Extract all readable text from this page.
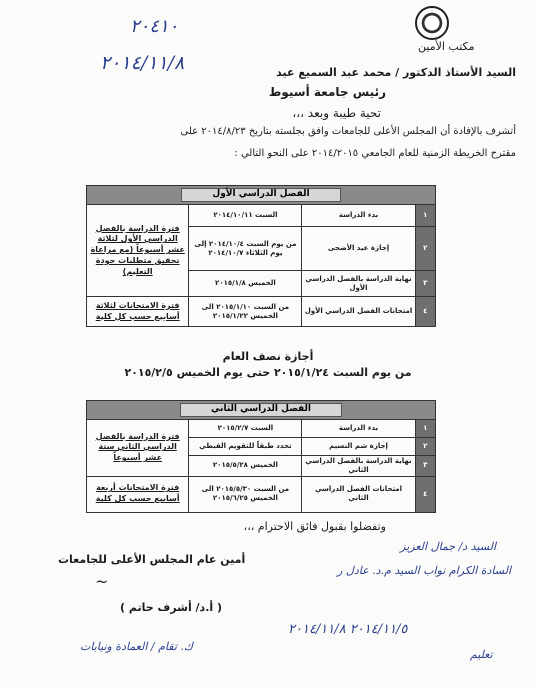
مكتب الأمين
٢٠٤١٠
٢٠١٤/١١/٨	السيد الأستاذ الدكتور / محمد عبد السميع عيد
رئيس جامعة أسيوط
تحية طيبة وبعد ،،،
أتشرف بالإفادة أن المجلس الأعلى للجامعات وافق بجلسته بتاريخ ٢٠١٤/٨/٢٣ على
مقترح الخريطة الزمنية للعام الجامعي ٢٠١٤/٢٠١٥ على النحو التالي :
الفصل الدراسي الأول			
١	بدء الدراسة	السبت ٢٠١٤/١٠/١١	فترة الدراسة بالفصل الدراسي الأول لثلاثة عشر أسبوعاً (مع مراعاة تحقيق متطلبات جودة التعليم)
٢	إجازة عيد الأضحى	من يوم السبت ٢٠١٤/١٠/٤ إلى يوم الثلاثاء ٢٠١٤/١٠/٧	
٣	نهاية الدراسة بالفصل الدراسي الأول	الخميس ٢٠١٥/١/٨	
٤	امتحانات الفصل الدراسي الأول	من السبت ٢٠١٥/١/١٠ الى الخميس ٢٠١٥/١/٢٢	فترة الامتحانات لثلاثة أسابيع حسب كل كلية
أجازة نصف العام
من يوم السبت ٢٠١٥/١/٢٤ حتى يوم الخميس ٢٠١٥/٢/٥
الفصل الدراسي الثاني			
١	بدء الدراسة	السبت ٢٠١٥/٢/٧	فترة الدراسة بالفصل الدراسي الثاني ستة عشر أسبوعاً
٢	إجازة شم النسيم	تحدد طبقاً للتقويم القبطي	
٣	نهاية الدراسة بالفصل الدراسي الثاني	الخميس ٢٠١٥/٥/٢٨	
٤	امتحانات الفصل الدراسي الثاني	من السبت ٢٠١٥/٥/٣٠ الى الخميس ٢٠١٥/٦/٢٥	فترة الامتحانات أربعة أسابيع حسب كل كلية
وتفضلوا بقبول فائق الاحترام ،،،
أمين عام المجلس الأعلى للجامعات
~
( أ.د/ أشرف حاتم )
السيد د/ جمال العزيز
السادة الكرام نواب السيد م.د. عادل ر
٢٠١٤/١١/٥ ٢٠١٤/١١/٨
ك. تقام / العمادة ونيابات
تعليم
